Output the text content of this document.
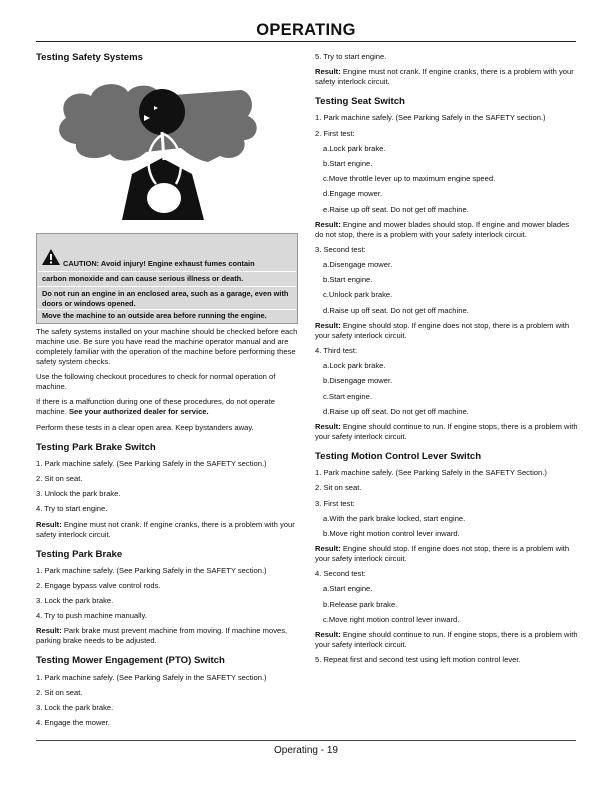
OPERATING
CAUTION: Avoid injury! Engine exhaust fumes contain
carbon monoxide and can cause serious illness or death.
Do not run an engine in an enclosed area, such as a garage, even with doors or windows opened.
Move the machine to an outside area before running the engine.

Testing Safety Systems

The safety systems installed on your machine should be checked before each machine use. Be sure you have read the machine operator manual and are completely familiar with the operation of the machine before performing these safety system checks.

Use the following checkout procedures to check for normal operation of machine.

If there is a malfunction during one of these procedures, do not operate machine. See your authorized dealer for service.

Perform these tests in a clear open area. Keep bystanders away.

Testing Park Brake Switch

1. Park machine safely. (See Parking Safely in the SAFETY section.)

2. Sit on seat.

3. Unlock the park brake.

4. Try to start engine.

Result: Engine must not crank. If engine cranks, there is a problem with your safety interlock circuit.

Testing Park Brake

1. Park machine safely. (See Parking Safely in the SAFETY section.)

2. Engage bypass valve control rods.

3. Lock the park brake.

4. Try to push machine manually.

Result: Park brake must prevent machine from moving. If machine moves, parking brake needs to be adjusted.

Testing Mower Engagement (PTO) Switch

1. Park machine safely. (See Parking Safely in the SAFETY section.)

2. Sit on seat.

3. Lock the park brake.

4. Engage the mower.

5. Try to start engine.

Result: Engine must not crank. If engine cranks, there is a problem with your safety interlock circuit.

Testing Seat Switch

1. Park machine safely. (See Parking Safely in the SAFETY section.)

2. First test:

a.Lock park brake.

b.Start engine.

c.Move throttle lever up to maximum engine speed.

d.Engage mower.

e.Raise up off seat. Do not get off machine.

Result: Engine and mower blades should stop. If engine and mower blades do not stop, there is a problem with your safety interlock circuit.

3. Second test:

a.Disengage mower.

b.Start engine.

c.Unlock park brake.

d.Raise up off seat. Do not get off machine.

Result: Engine should stop. If engine does not stop, there is a problem with your safety interlock circuit.

4. Third test:

a.Lock park brake.

b.Disengage mower.

c.Start engine.

d.Raise up off seat. Do not get off machine.

Result: Engine should continue to run. If engine stops, there is a problem with your safety interlock circuit.

Testing Motion Control Lever Switch

1. Park machine safely. (See Parking Safely in the SAFETY Section.)

2. Sit on seat.

3. First test:

a.With the park brake locked, start engine.

b.Move right motion control lever inward.

Result: Engine should stop. If engine does not stop, there is a problem with your safety interlock circuit.

4. Second test:

a.Start engine.

b.Release park brake.

c.Move right motion control lever inward.

Result: Engine should continue to run. If engine stops, there is a problem with your safety interlock circuit.

5. Repeat first and second test using left motion control lever.

Operating - 19
